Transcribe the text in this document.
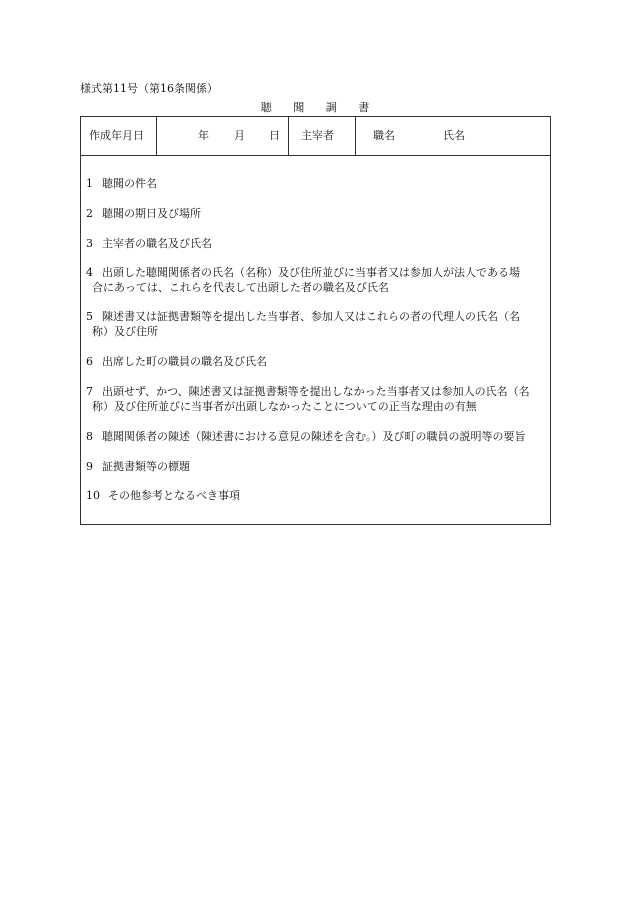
様式第11号（第16条関係）
聴 聞 調 書
作成年月日	年 月 日 主宰者	職名	氏名
1 聴聞の件名
2 聴聞の期日及び場所
3 主宰者の職名及び氏名
4 出頭した聴聞関係者の氏名（名称）及び住所並びに当事者又は参加人が法人である場
合にあっては、これらを代表して出頭した者の職名及び氏名
5 陳述書又は証拠書類等を提出した当事者、参加人又はこれらの者の代理人の氏名（名
称）及び住所
6 出席した町の職員の職名及び氏名
7 出頭せず、かつ、陳述書又は証拠書類等を提出しなかった当事者又は参加人の氏名（名
称）及び住所並びに当事者が出頭しなかったことについての正当な理由の有無
8 聴聞関係者の陳述（陳述書における意見の陳述を含む。）及び町の職員の説明等の要旨
9 証拠書類等の標題
10 その他参考となるべき事項
